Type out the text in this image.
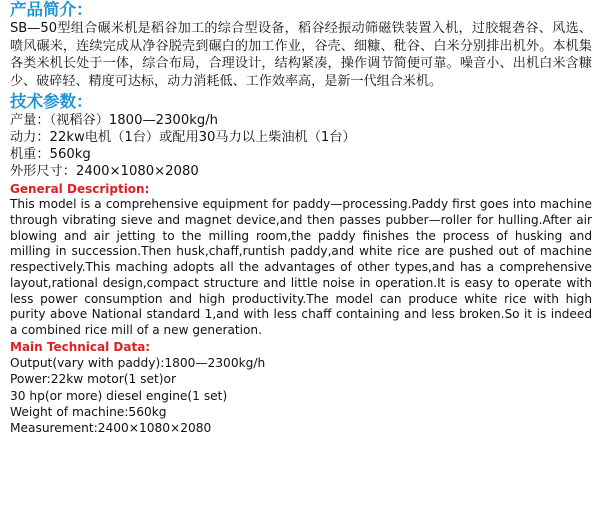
产品简介：

SB—50型组合碾米机是稻谷加工的综合型设备，稻谷经振动筛磁铁装置入机，过胶辊砻谷、风选、喷风碾米，连续完成从净谷脱壳到碾白的加工作业，谷壳、细糠、秕谷、白米分别排出机外。本机集各类米机长处于一体，综合布局，合理设计，结构紧凑，操作调节简便可靠。噪音小、出机白米含糠少、破碎轻、精度可达标，动力消耗低、工作效率高，是新一代组合米机。

技术参数：

产量：（视稻谷）1800—2300kg/h

动力：22kw电机（1台）或配用30马力以上柴油机（1台）

机重：560kg

外形尺寸：2400×1080×2080

General Description:

This model is a comprehensive equipment for paddy—processing.Paddy first goes into machine through vibrating sieve and magnet device,and then passes pubber—roller for hulling.After air blowing and air jetting to the milling room,the paddy finishes the process of husking and milling in succession.Then husk,chaff,runtish paddy,and white rice are pushed out of machine respectively.This maching adopts all the advantages of other types,and has a comprehensive layout,rational design,compact structure and little noise in operation.It is easy to operate with less power consumption and high productivity.The model can produce white rice with high purity above National standard 1,and with less chaff containing and less broken.So it is indeed a combined rice mill of a new generation.

Main Technical Data:

Output(vary with paddy):1800—2300kg/h

Power:22kw motor(1 set)or

30 hp(or more) diesel engine(1 set)

Weight of machine:560kg

Measurement:2400×1080×2080
